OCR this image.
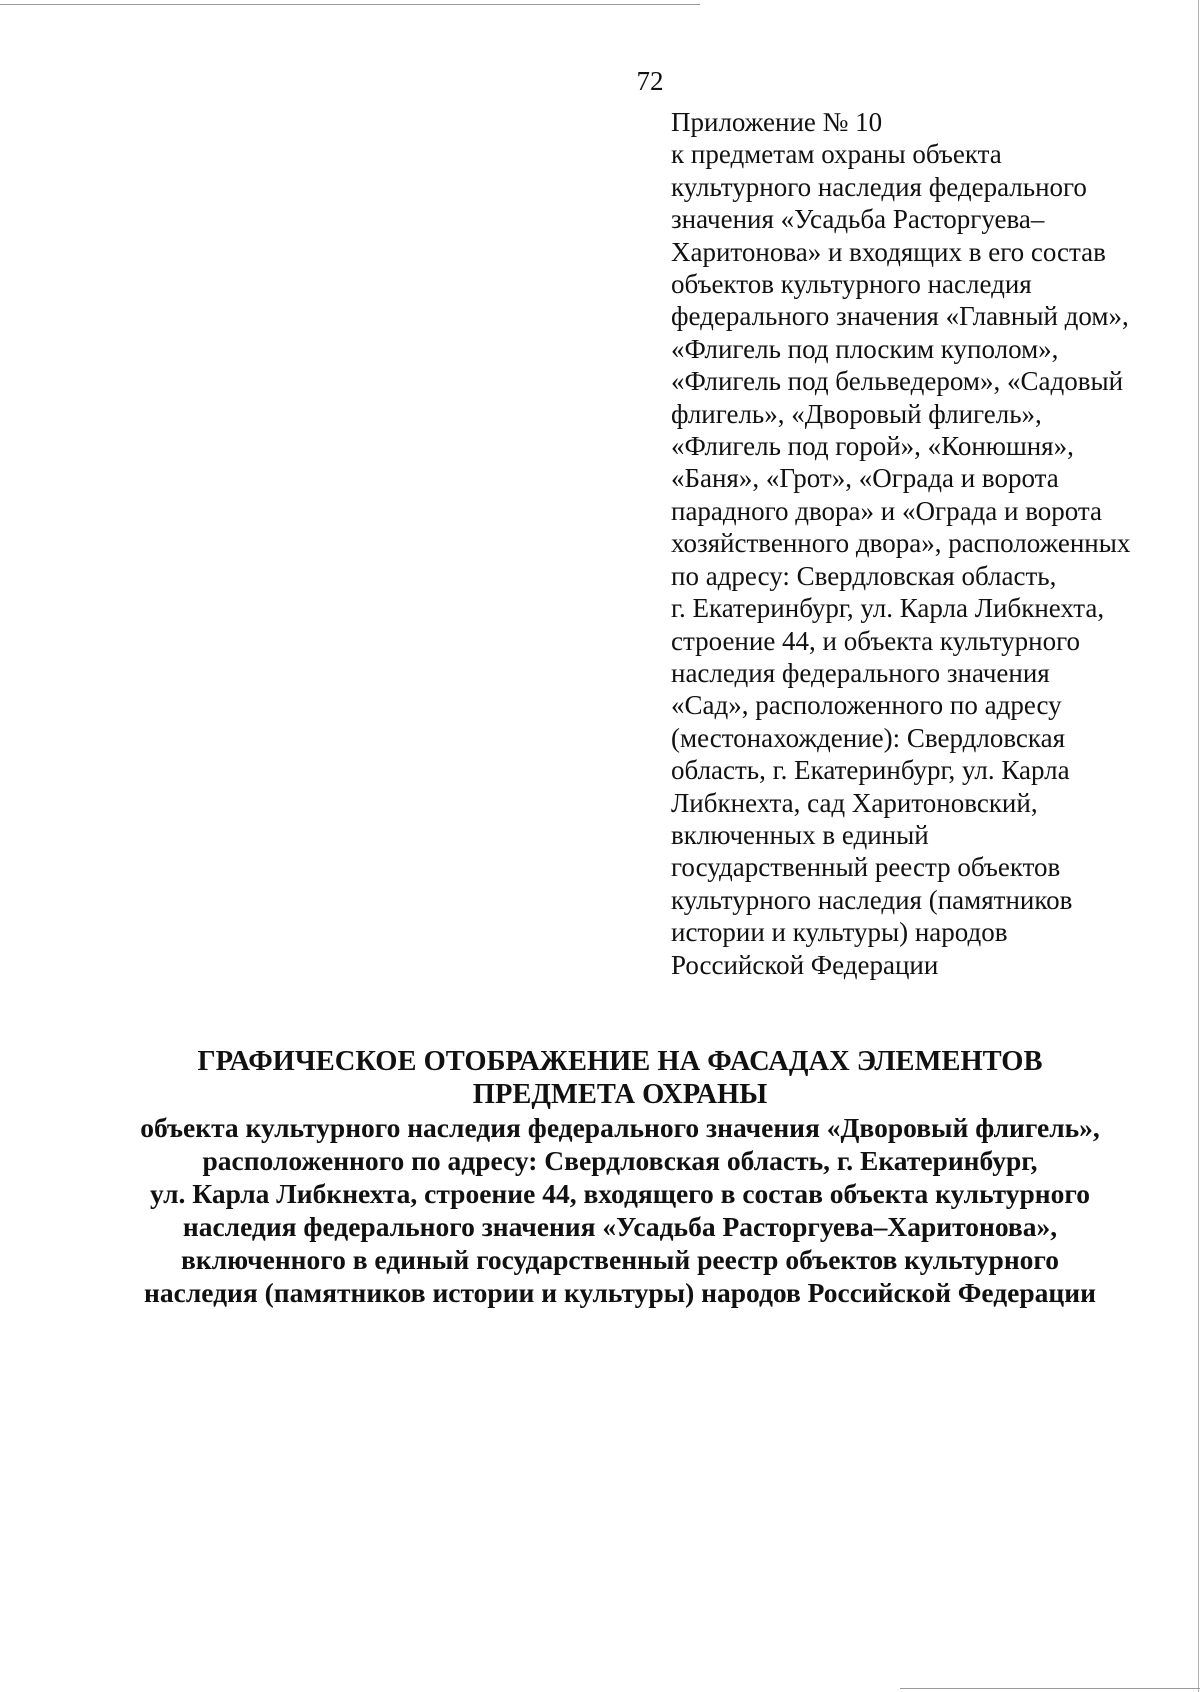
72
Приложение № 10
к предметам охраны объекта
культурного наследия федерального
значения «Усадьба Расторгуева–
Харитонова» и входящих в его состав
объектов культурного наследия
федерального значения «Главный дом»,
«Флигель под плоским куполом»,
«Флигель под бельведером», «Садовый
флигель», «Дворовый флигель»,
«Флигель под горой», «Конюшня»,
«Баня», «Грот», «Ограда и ворота
парадного двора» и «Ограда и ворота
хозяйственного двора», расположенных
по адресу: Свердловская область,
г. Екатеринбург, ул. Карла Либкнехта,
строение 44, и объекта культурного
наследия федерального значения
«Сад», расположенного по адресу
(местонахождение): Свердловская
область, г. Екатеринбург, ул. Карла
Либкнехта, сад Харитоновский,
включенных в единый
государственный реестр объектов
культурного наследия (памятников
истории и культуры) народов
Российской Федерации
ГРАФИЧЕСКОЕ ОТОБРАЖЕНИЕ НА ФАСАДАХ ЭЛЕМЕНТОВ
ПРЕДМЕТА ОХРАНЫ
объекта культурного наследия федерального значения «Дворовый флигель»,
расположенного по адресу: Свердловская область, г. Екатеринбург,
ул. Карла Либкнехта, строение 44, входящего в состав объекта культурного
наследия федерального значения «Усадьба Расторгуева–Харитонова»,
включенного в единый государственный реестр объектов культурного
наследия (памятников истории и культуры) народов Российской Федерации
